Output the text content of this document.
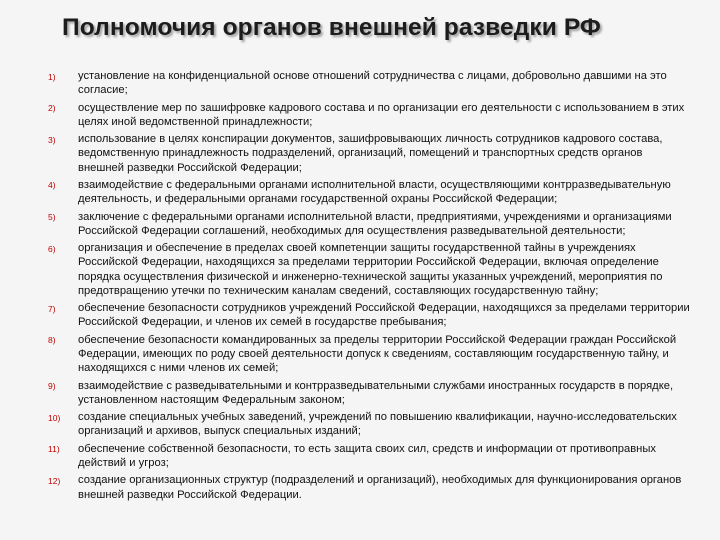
Полномочия органов внешней разведки РФ
1)	установление на конфиденциальной основе отношений сотрудничества с лицами, добровольно давшими на это согласие;
2)	осуществление мер по зашифровке кадрового состава и по организации его деятельности с использованием в этих целях иной ведомственной принадлежности;
3)	использование в целях конспирации документов, зашифровывающих личность сотрудников кадрового состава, ведомственную принадлежность подразделений, организаций, помещений и транспортных средств органов внешней разведки Российской Федерации;
4)	взаимодействие с федеральными органами исполнительной власти, осуществляющими контрразведывательную деятельность, и федеральными органами государственной охраны Российской Федерации;
5)	заключение с федеральными органами исполнительной власти, предприятиями, учреждениями и организациями Российской Федерации соглашений, необходимых для осуществления разведывательной деятельности;
6)	организация и обеспечение в пределах своей компетенции защиты государственной тайны в учреждениях Российской Федерации, находящихся за пределами территории Российской Федерации, включая определение порядка осуществления физической и инженерно-технической защиты указанных учреждений, мероприятия по предотвращению утечки по техническим каналам сведений, составляющих государственную тайну;
7)	обеспечение безопасности сотрудников учреждений Российской Федерации, находящихся за пределами территории Российской Федерации, и членов их семей в государстве пребывания;
8)	обеспечение безопасности командированных за пределы территории Российской Федерации граждан Российской Федерации, имеющих по роду своей деятельности допуск к сведениям, составляющим государственную тайну, и находящихся с ними членов их семей;
9)	взаимодействие с разведывательными и контрразведывательными службами иностранных государств в порядке, установленном настоящим Федеральным законом;
10)	создание специальных учебных заведений, учреждений по повышению квалификации, научно-исследовательских организаций и архивов, выпуск специальных изданий;
11)	обеспечение собственной безопасности, то есть защита своих сил, средств и информации от противоправных действий и угроз;
12)	создание организационных структур (подразделений и организаций), необходимых для функционирования органов внешней разведки Российской Федерации.
